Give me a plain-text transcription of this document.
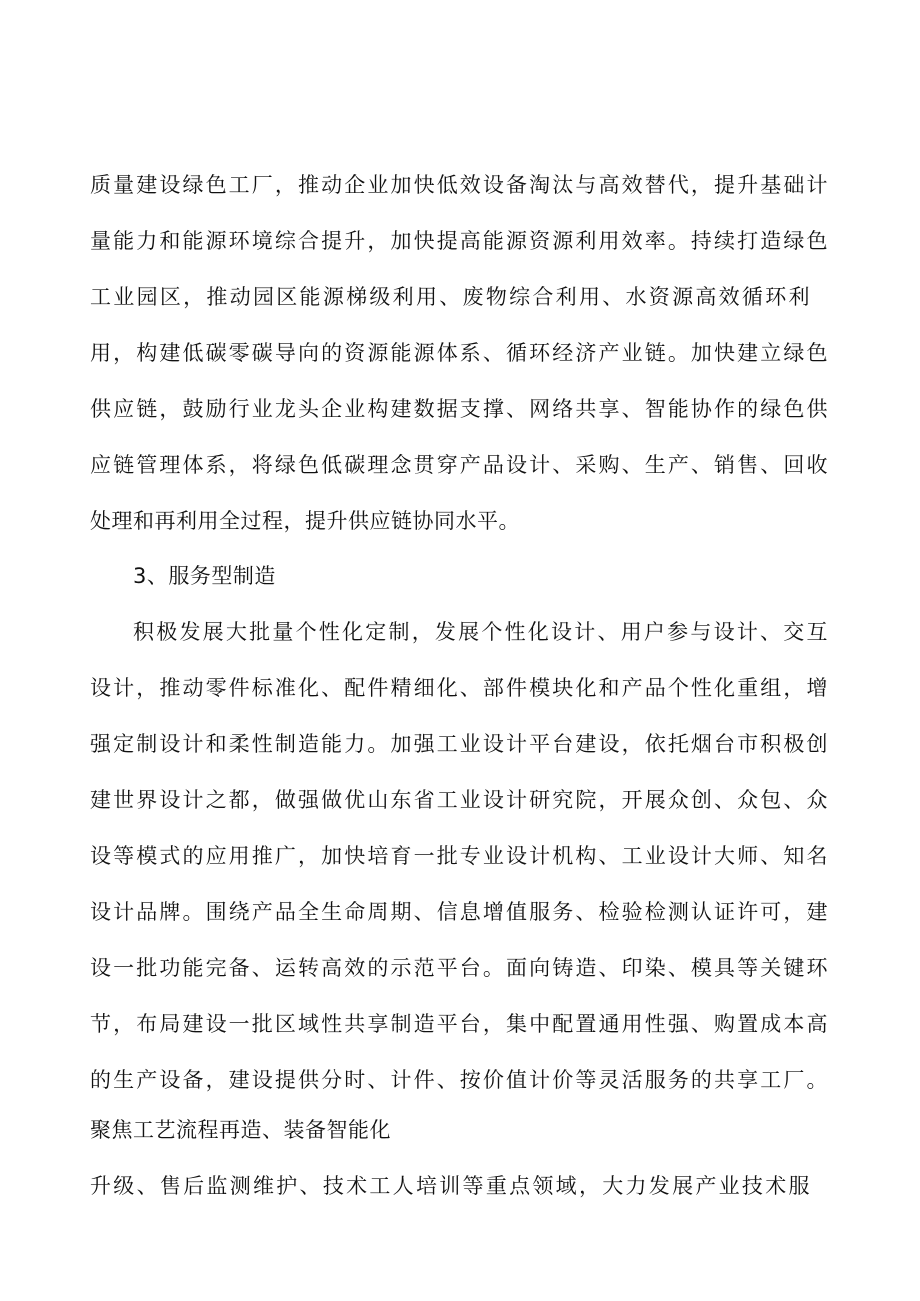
质量建设绿色工厂，推动企业加快低效设备淘汰与高效替代，提升基础计
量能力和能源环境综合提升，加快提高能源资源利用效率。持续打造绿色
工业园区，推动园区能源梯级利用、废物综合利用、水资源高效循环利
用，构建低碳零碳导向的资源能源体系、循环经济产业链。加快建立绿色
供应链，鼓励行业龙头企业构建数据支撑、网络共享、智能协作的绿色供
应链管理体系，将绿色低碳理念贯穿产品设计、采购、生产、销售、回收
处理和再利用全过程，提升供应链协同水平。
3、服务型制造
积极发展大批量个性化定制，发展个性化设计、用户参与设计、交互
设计，推动零件标准化、配件精细化、部件模块化和产品个性化重组，增
强定制设计和柔性制造能力。加强工业设计平台建设，依托烟台市积极创
建世界设计之都，做强做优山东省工业设计研究院，开展众创、众包、众
设等模式的应用推广，加快培育一批专业设计机构、工业设计大师、知名
设计品牌。围绕产品全生命周期、信息增值服务、检验检测认证许可，建
设一批功能完备、运转高效的示范平台。面向铸造、印染、模具等关键环
节，布局建设一批区域性共享制造平台，集中配置通用性强、购置成本高
的生产设备，建设提供分时、计件、按价值计价等灵活服务的共享工厂。
聚焦工艺流程再造、装备智能化
升级、售后监测维护、技术工人培训等重点领域，大力发展产业技术服
